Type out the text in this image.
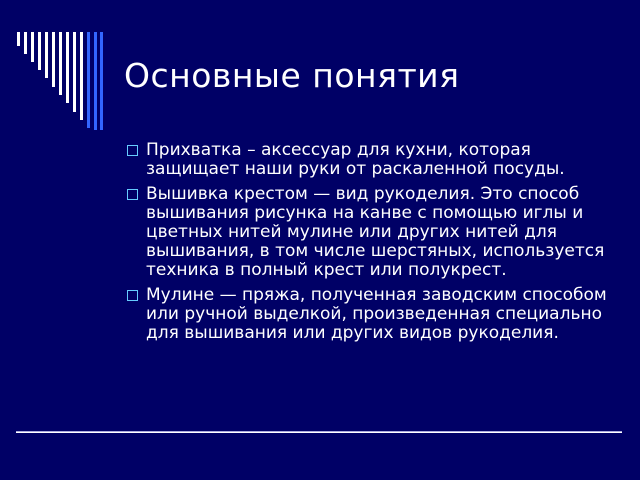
Основные понятия
Прихватка – аксессуар для кухни, которая защищает наши руки от раскаленной посуды.
Вышивка крестом — вид рукоделия. Это способ вышивания рисунка на канве с помощью иглы и цветных нитей мулине или других нитей для вышивания, в том числе шерстяных, используется техника в полный крест или полукрест.
Мулине — пряжа, полученная заводским способом или ручной выделкой, произведенная специально для вышивания или других видов рукоделия.
